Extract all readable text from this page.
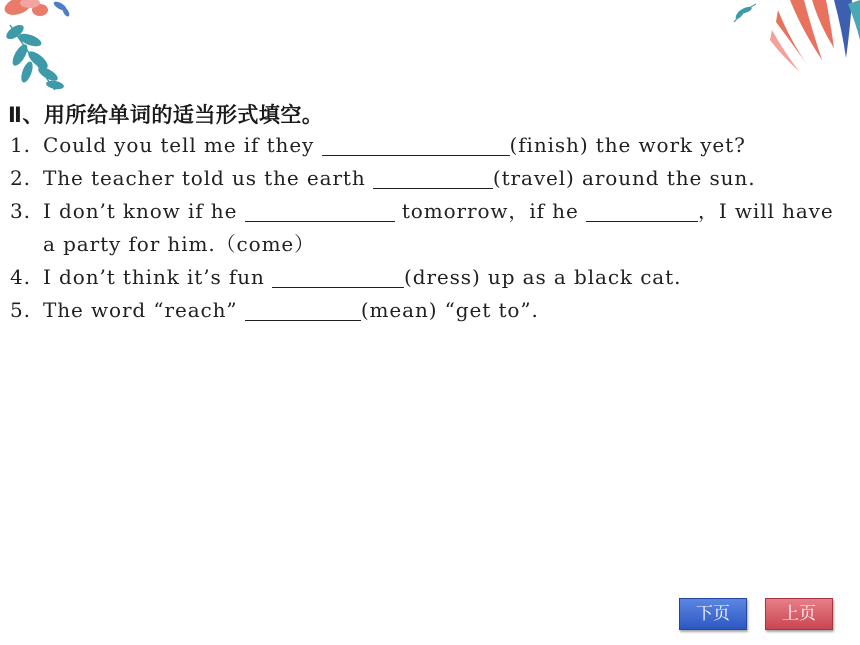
Ⅱ、用所给单词的适当形式填空。
1. Could you tell me if they	(finish) the work yet?
2. The teacher told us the earth	(travel) around the sun.
3. I don’t know if he	tomorrow，if he	，I will have
a party for him.（come）
4. I don’t think it’s fun	(dress) up as a black cat.
5. The word “reach”	(mean) “get to”.
下页	上页
